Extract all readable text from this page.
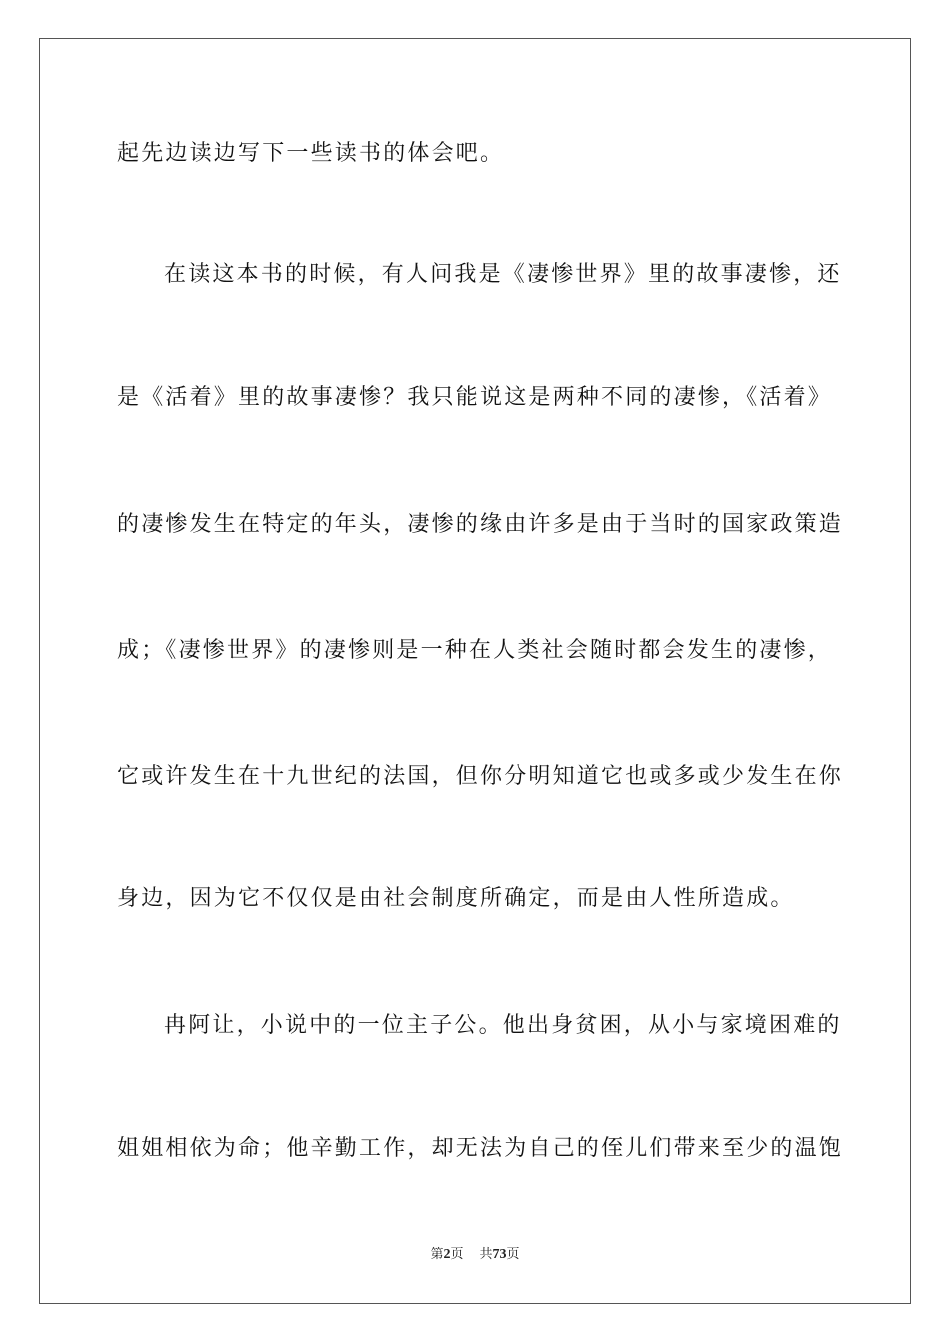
起先边读边写下一些读书的体会吧。
在读这本书的时候，有人问我是《凄惨世界》里的故事凄惨，还
是《活着》里的故事凄惨？我只能说这是两种不同的凄惨，《活着》
的凄惨发生在特定的年头，凄惨的缘由许多是由于当时的国家政策造
成；《凄惨世界》的凄惨则是一种在人类社会随时都会发生的凄惨，
它或许发生在十九世纪的法国，但你分明知道它也或多或少发生在你
身边，因为它不仅仅是由社会制度所确定，而是由人性所造成。
冉阿让，小说中的一位主子公。他出身贫困，从小与家境困难的
姐姐相依为命；他辛勤工作，却无法为自己的侄儿们带来至少的温饱
第2页 共73页
